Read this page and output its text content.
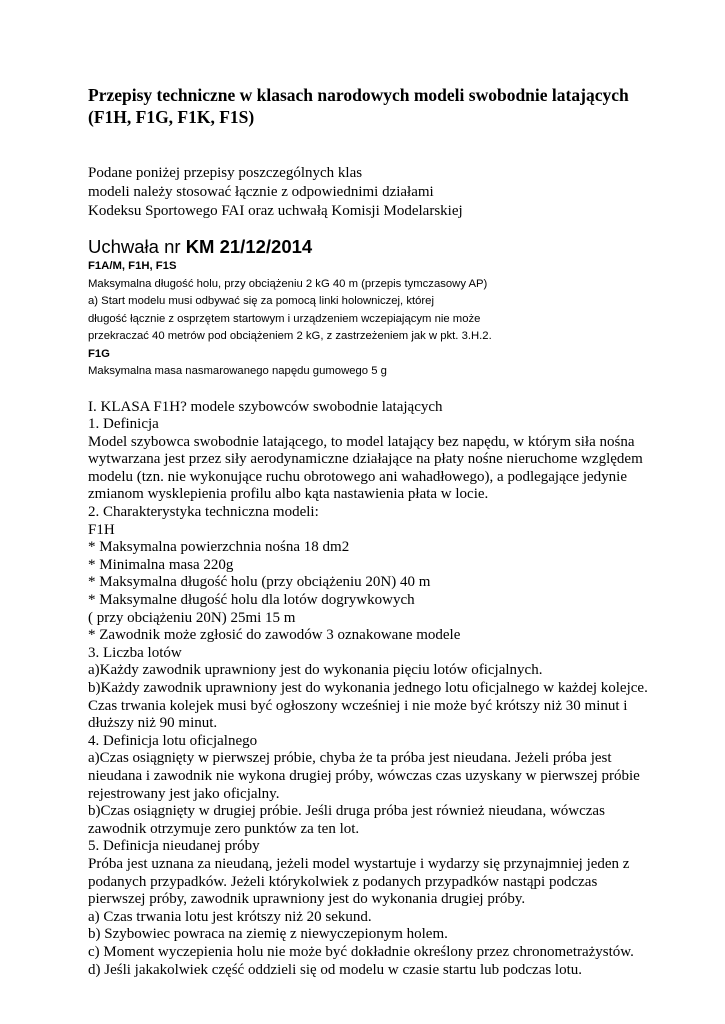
Przepisy techniczne w klasach narodowych modeli swobodnie latających
(F1H, F1G, F1K, F1S)
Podane poniżej przepisy poszczególnych klas
modeli należy stosować łącznie z odpowiednimi działami
Kodeksu Sportowego FAI oraz uchwałą Komisji Modelarskiej
Uchwała nr KM 21/12/2014
F1A/M, F1H, F1S
Maksymalna długość holu, przy obciążeniu 2 kG 40 m (przepis tymczasowy AP)
a) Start modelu musi odbywać się za pomocą linki holowniczej, której
długość łącznie z osprzętem startowym i urządzeniem wczepiającym nie może
przekraczać 40 metrów pod obciążeniem 2 kG, z zastrzeżeniem jak w pkt. 3.H.2.
F1G
Maksymalna masa nasmarowanego napędu gumowego 5 g
I. KLASA F1H? modele szybowców swobodnie latających
1. Definicja
Model szybowca swobodnie latającego, to model latający bez napędu, w którym siła nośna
wytwarzana jest przez siły aerodynamiczne działające na płaty nośne nieruchome względem
modelu (tzn. nie wykonujące ruchu obrotowego ani wahadłowego), a podlegające jedynie
zmianom wysklepienia profilu albo kąta nastawienia płata w locie.
2. Charakterystyka techniczna modeli:
F1H
* Maksymalna powierzchnia nośna 18 dm2
* Minimalna masa 220g
* Maksymalna długość holu (przy obciążeniu 20N) 40 m
* Maksymalne długość holu dla lotów dogrywkowych
( przy obciążeniu 20N) 25mi 15 m
* Zawodnik może zgłosić do zawodów 3 oznakowane modele
3. Liczba lotów
a)Każdy zawodnik uprawniony jest do wykonania pięciu lotów oficjalnych.
b)Każdy zawodnik uprawniony jest do wykonania jednego lotu oficjalnego w każdej kolejce.
Czas trwania kolejek musi być ogłoszony wcześniej i nie może być krótszy niż 30 minut i
dłuższy niż 90 minut.
4. Definicja lotu oficjalnego
a)Czas osiągnięty w pierwszej próbie, chyba że ta próba jest nieudana. Jeżeli próba jest
nieudana i zawodnik nie wykona drugiej próby, wówczas czas uzyskany w pierwszej próbie
rejestrowany jest jako oficjalny.
b)Czas osiągnięty w drugiej próbie. Jeśli druga próba jest również nieudana, wówczas
zawodnik otrzymuje zero punktów za ten lot.
5. Definicja nieudanej próby
Próba jest uznana za nieudaną, jeżeli model wystartuje i wydarzy się przynajmniej jeden z
podanych przypadków. Jeżeli którykolwiek z podanych przypadków nastąpi podczas
pierwszej próby, zawodnik uprawniony jest do wykonania drugiej próby.
a) Czas trwania lotu jest krótszy niż 20 sekund.
b) Szybowiec powraca na ziemię z niewyczepionym holem.
c) Moment wyczepienia holu nie może być dokładnie określony przez chronometrażystów.
d) Jeśli jakakolwiek część oddzieli się od modelu w czasie startu lub podczas lotu.
